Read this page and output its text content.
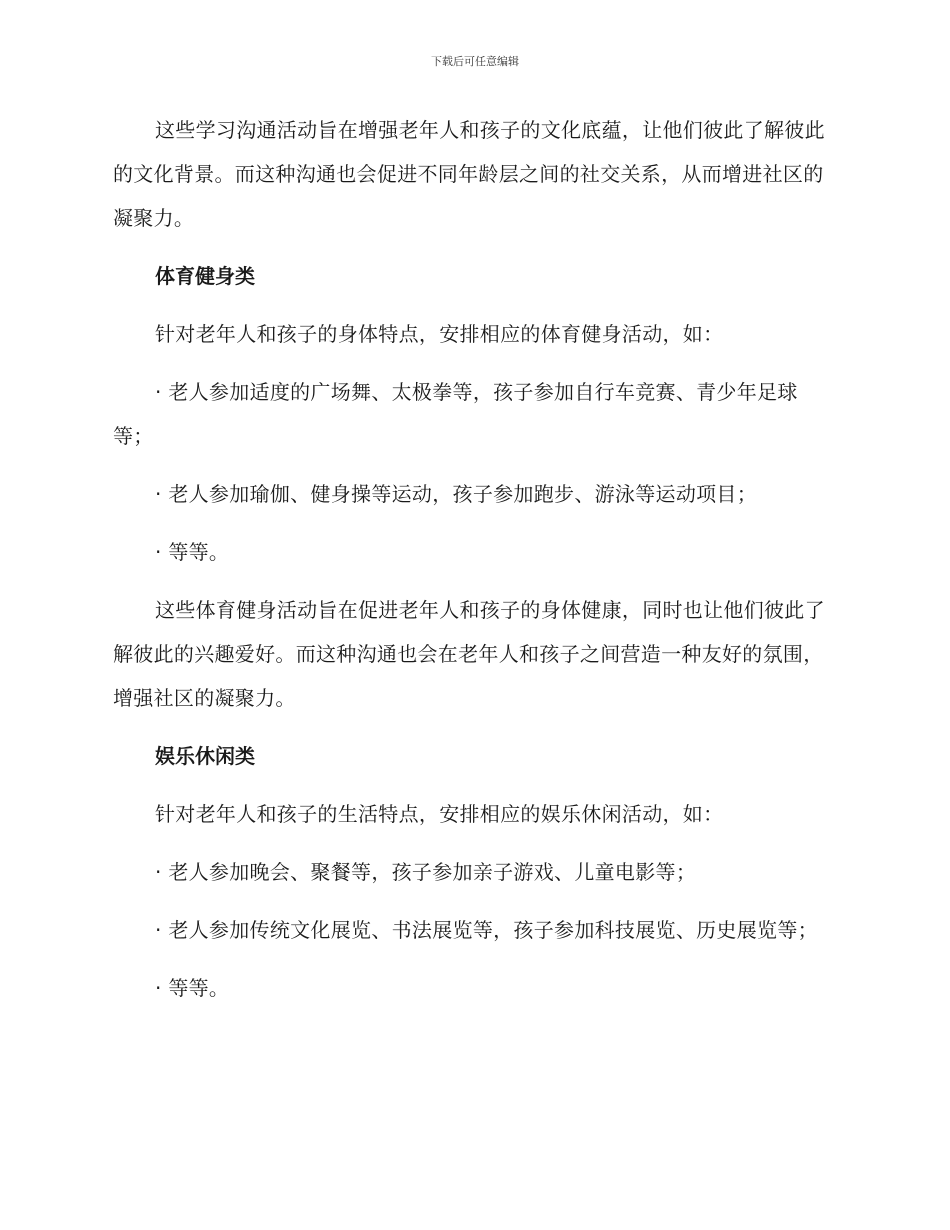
下载后可任意编辑

这些学习沟通活动旨在增强老年人和孩子的文化底蕴，让他们彼此了解彼此的文化背景。而这种沟通也会促进不同年龄层之间的社交关系，从而增进社区的凝聚力。

体育健身类

针对老年人和孩子的身体特点，安排相应的体育健身活动，如：

· 老人参加适度的广场舞、太极拳等，孩子参加自行车竞赛、青少年足球等；

· 老人参加瑜伽、健身操等运动，孩子参加跑步、游泳等运动项目；

· 等等。

这些体育健身活动旨在促进老年人和孩子的身体健康，同时也让他们彼此了解彼此的兴趣爱好。而这种沟通也会在老年人和孩子之间营造一种友好的氛围，增强社区的凝聚力。

娱乐休闲类

针对老年人和孩子的生活特点，安排相应的娱乐休闲活动，如：

· 老人参加晚会、聚餐等，孩子参加亲子游戏、儿童电影等；

· 老人参加传统文化展览、书法展览等，孩子参加科技展览、历史展览等；

· 等等。
